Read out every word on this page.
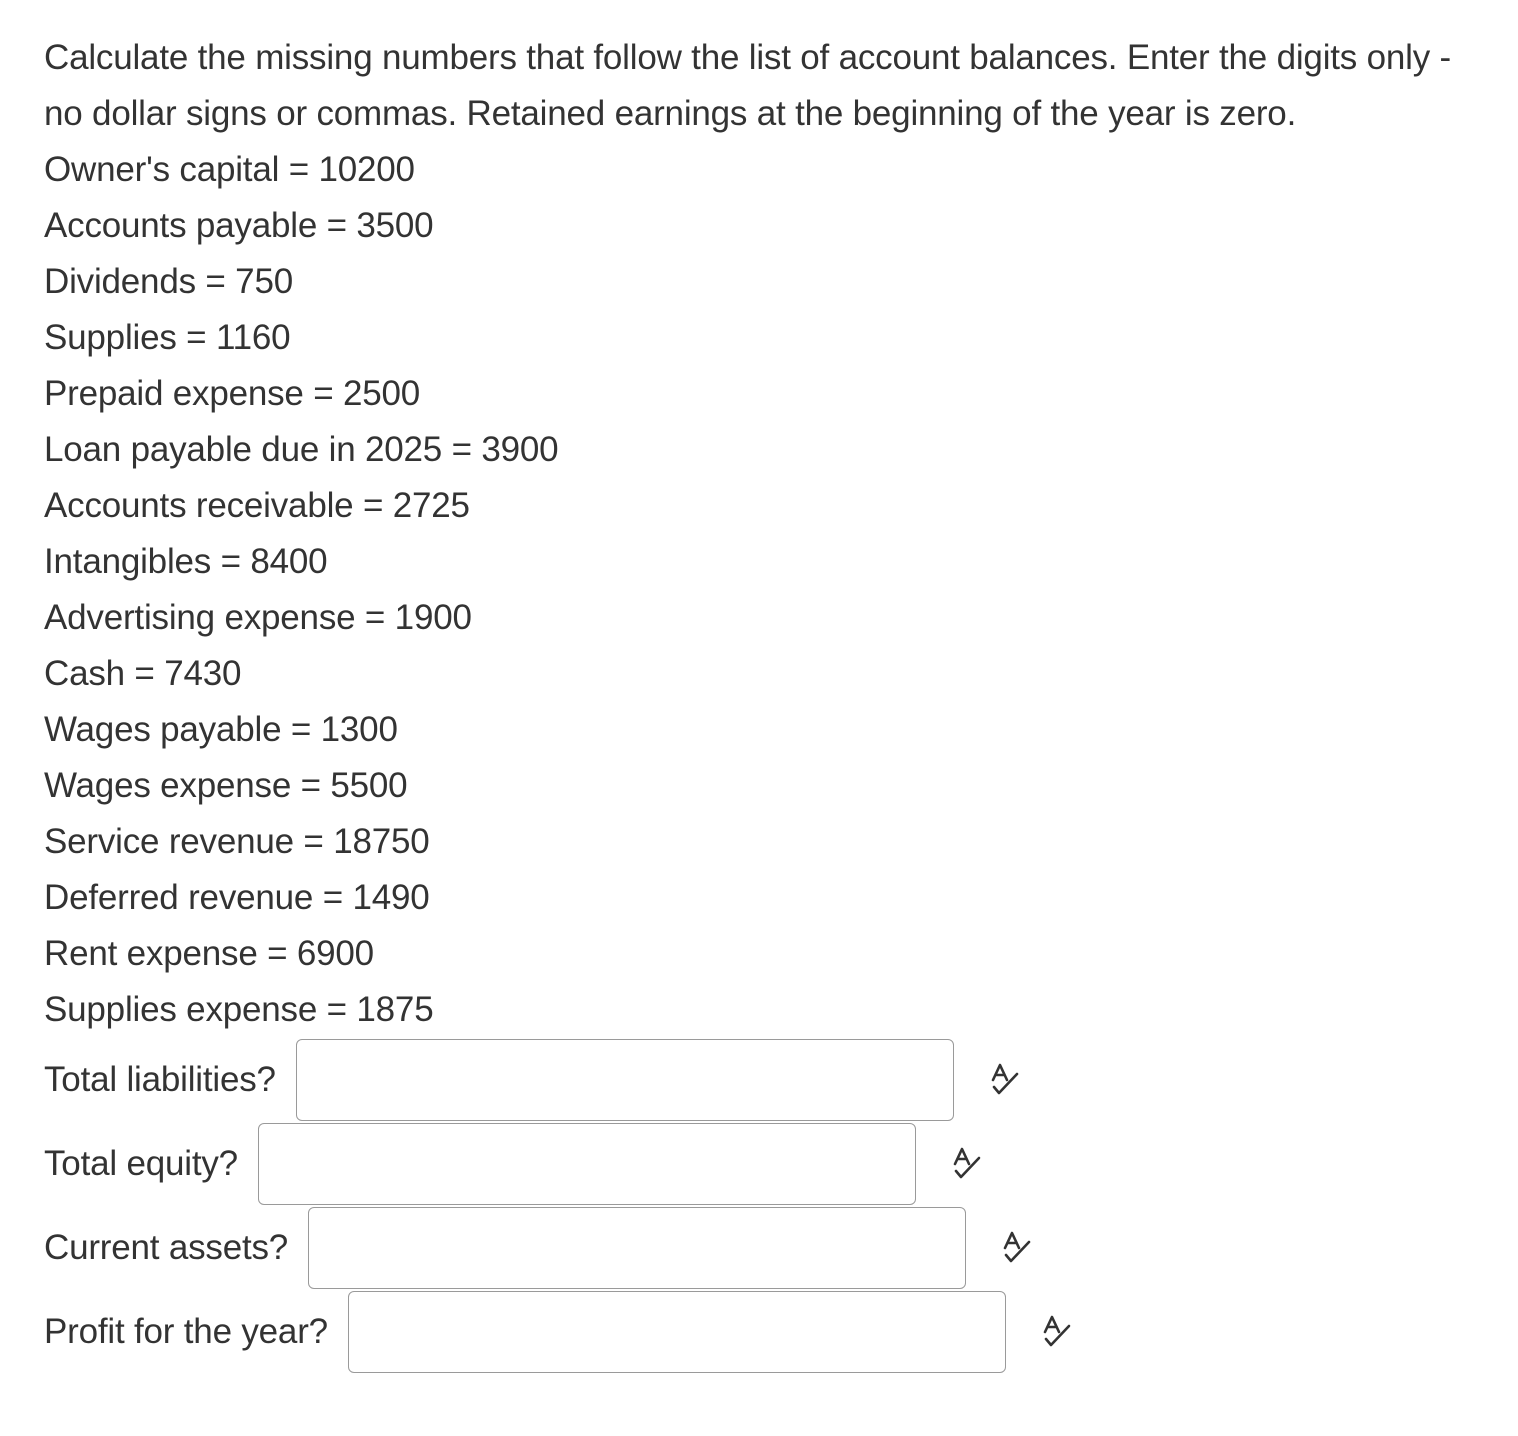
Calculate the missing numbers that follow the list of account balances. Enter the digits only - no dollar signs or commas. Retained earnings at the beginning of the year is zero.

Owner's capital = 10200
Accounts payable = 3500
Dividends = 750
Supplies = 1160
Prepaid expense = 2500
Loan payable due in 2025 = 3900
Accounts receivable = 2725
Intangibles = 8400
Advertising expense = 1900
Cash = 7430
Wages payable = 1300
Wages expense = 5500
Service revenue = 18750
Deferred revenue = 1490
Rent expense = 6900
Supplies expense = 1875
Total liabilities?
Total equity?
Current assets?
Profit for the year?
